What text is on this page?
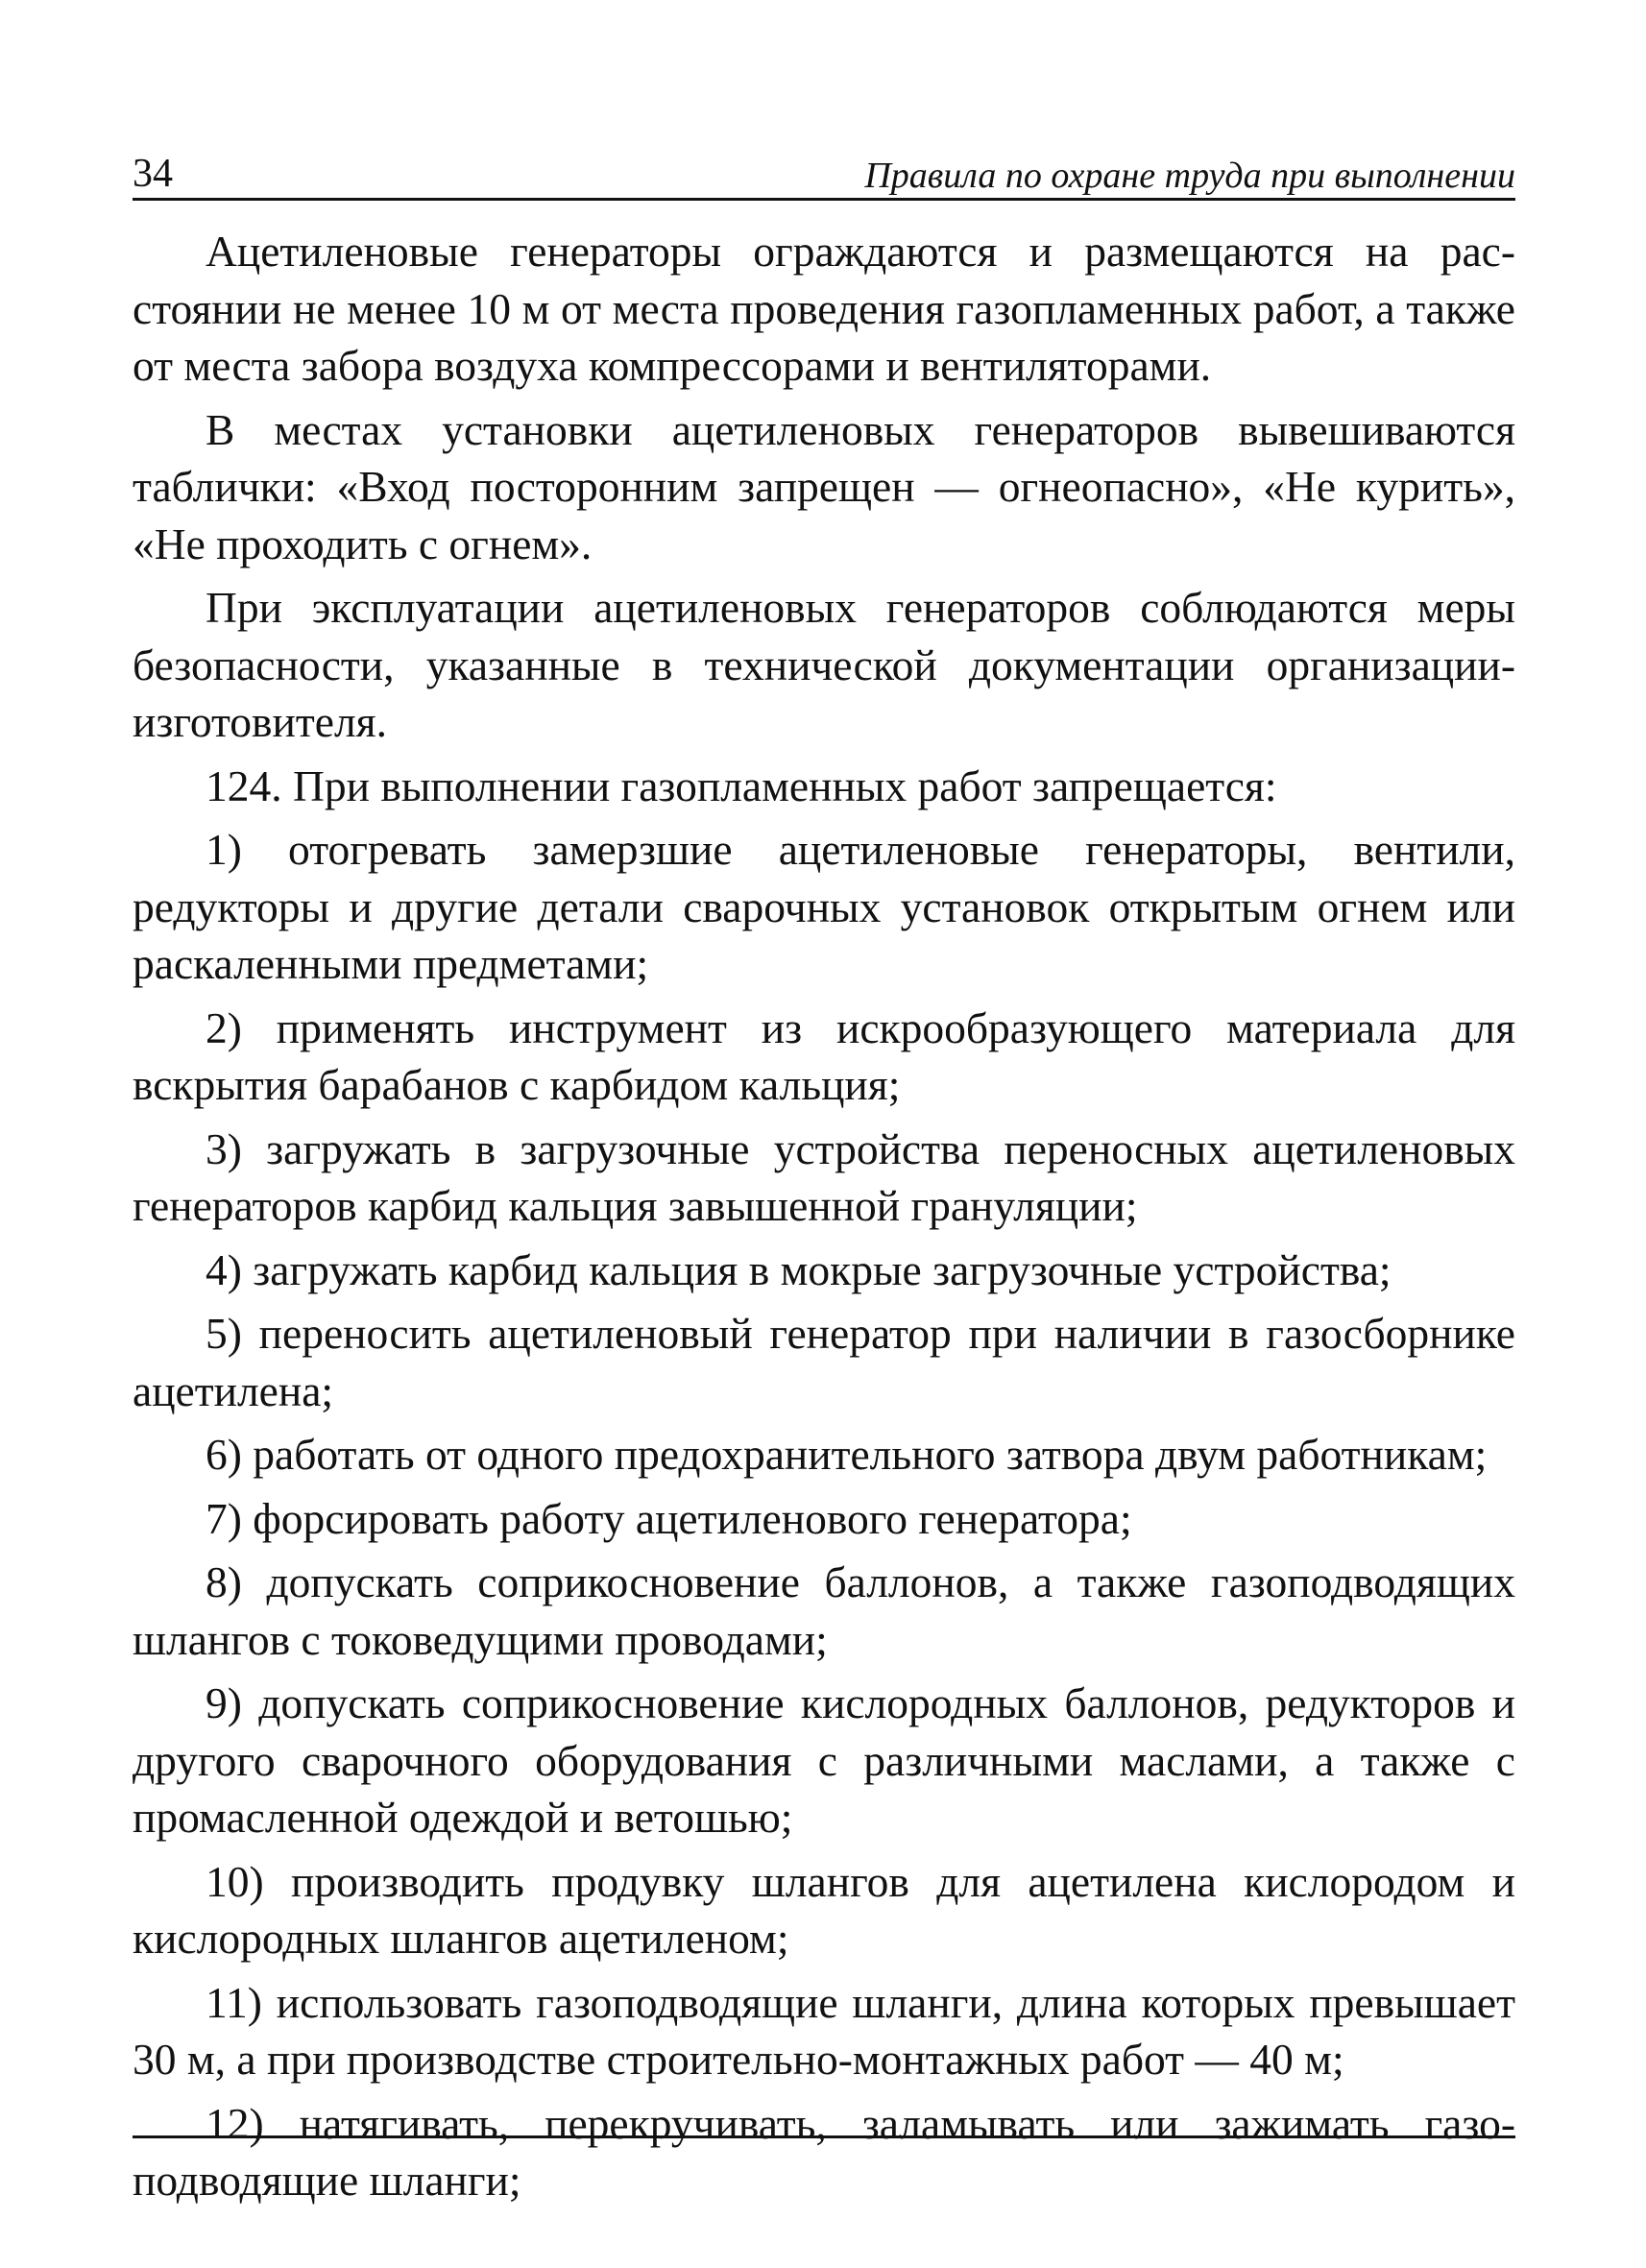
34	Правила по охране труда при выполнении

Ацетиленовые генераторы ограждаются и размещаются на расстоянии не менее 10 м от места проведения газопламенных работ, а также от места забора воздуха компрессорами и вентиляторами.

В местах установки ацетиленовых генераторов вывешиваются таблички: «Вход посторонним запрещен — огнеопасно», «Не курить», «Не проходить с огнем».

При эксплуатации ацетиленовых генераторов соблюдаются меры безопасности, указанные в технической документации организации-изготовителя.

124. При выполнении газопламенных работ запрещается:

1) отогревать замерзшие ацетиленовые генераторы, вентили, редукторы и другие детали сварочных установок открытым огнем или раскаленными предметами;

2) применять инструмент из искрообразующего материала для вскрытия барабанов с карбидом кальция;

3) загружать в загрузочные устройства переносных ацетиленовых генераторов карбид кальция завышенной грануляции;

4) загружать карбид кальция в мокрые загрузочные устройства;

5) переносить ацетиленовый генератор при наличии в газосборнике ацетилена;

6) работать от одного предохранительного затвора двум работникам;

7) форсировать работу ацетиленового генератора;

8) допускать соприкосновение баллонов, а также газоподводящих шлангов с токоведущими проводами;

9) допускать соприкосновение кислородных баллонов, редукторов и другого сварочного оборудования с различными маслами, а также с промасленной одеждой и ветошью;

10) производить продувку шлангов для ацетилена кислородом и кислородных шлангов ацетиленом;

11) использовать газоподводящие шланги, длина которых превышает 30 м, а при производстве строительно-монтажных работ — 40 м;

12) натягивать, перекручивать, заламывать или зажимать газоподводящие шланги;
